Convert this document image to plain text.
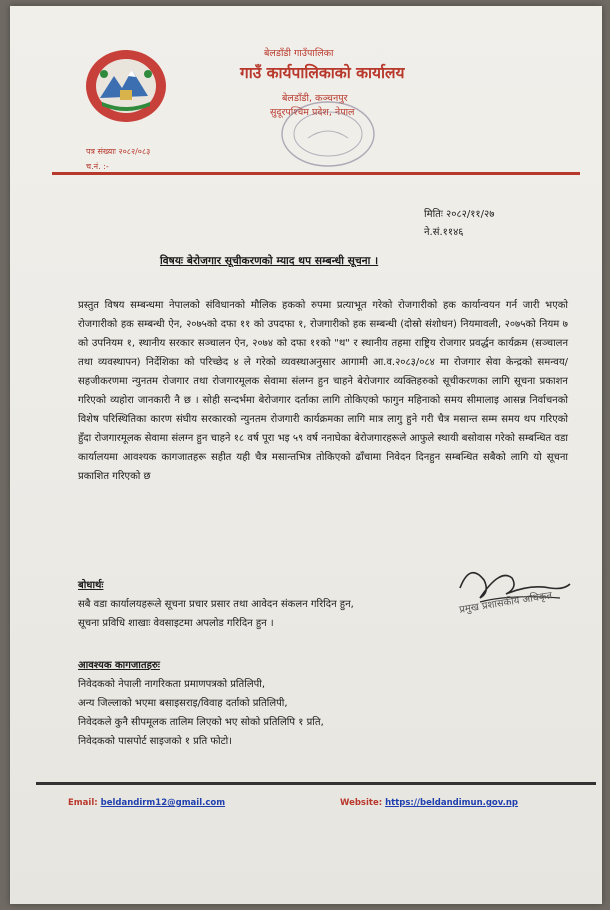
बेलडाँडी गाउँपालिका
गाउँ कार्यपालिकाको कार्यालय
बेलडाँडी, कञ्चनपुर
सुदूरपश्चिम प्रदेश, नेपाल
पत्र संख्याः २०८२/०८३
च.नं. :-
मितिः २०८२/११/२७
ने.सं.११४६
विषयः बेरोजगार सूचीकरणको म्याद थप सम्बन्धी सूचना ।
प्रस्तुत विषय सम्बन्धमा नेपालको संविधानको मौलिक हकको रुपमा प्रत्याभूत गरेको रोजगारीको हक कार्यान्वयन गर्न जारी भएको रोजगारीको हक सम्बन्धी ऐन, २०७५को दफा ११ को उपदफा १, रोजगारीको हक सम्बन्धी (दोस्रो संशोधन) नियमावली, २०७५को नियम ७ को उपनियम १, स्थानीय सरकार सञ्चालन ऐन, २०७४ को दफा ११को "थ" र स्थानीय तहमा राष्ट्रिय रोजगार प्रवर्द्धन कार्यक्रम (सञ्चालन तथा व्यवस्थापन) निर्देशिका को परिच्छेद ४ ले गरेको व्यवस्थाअनुसार आगामी आ.व.२०८३/०८४ मा रोजगार सेवा केन्द्रको समन्वय/सहजीकरणमा न्युनतम रोजगार तथा रोजगारमूलक सेवामा संलग्न हुन चाहने बेरोजगार व्यक्तिहरुको सूचीकरणका लागि सूचना प्रकाशन गरिएको व्यहोरा जानकारी नै छ । सोही सन्दर्भमा बेरोजगार दर्ताका लागि तोकिएको फागुन महिनाको समय सीमालाइ आसन्न निर्वाचनको विशेष परिस्थितिका कारण संघीय सरकारको न्युनतम रोजगारी कार्यक्रमका लागि मात्र लागु हुने गरी चैत्र मसान्त सम्म समय थप गरिएको हुँदा रोजगारमूलक सेवामा संलग्न हुन चाहने १८ वर्ष पूरा भइ ५९ वर्ष ननाघेका बेरोजगारहरूले आफुले स्थायी बसोवास गरेको सम्बन्धित वडा कार्यालयमा आवश्यक कागजातहरू सहीत यही चैत्र मसान्तभित्र तोकिएको ढाँचामा निवेदन दिनहुन सम्बन्धित सबैको लागि यो सूचना प्रकाशित गरिएको छ
बोधार्थः
सबै वडा कार्यालयहरूले सूचना प्रचार प्रसार तथा आवेदन संकलन गरिदिन हुन,
सूचना प्रविधि शाखाः वेवसाइटमा अपलोड गरिदिन हुन ।
आवश्यक कागजातहरुः
निवेदकको नेपाली नागरिकता प्रमाणपत्रको प्रतिलिपी,
अन्य जिल्लाको भएमा बसाइसराइ/विवाह दर्ताको प्रतिलिपी,
निवेदकले कुनै सीपमूलक तालिम लिएको भए सोको प्रतिलिपि १ प्रति,
निवेदकको पासपोर्ट साइजको १ प्रति फोटो।
प्रमुख प्रशासकीय अधिकृत
Email: beldandirm12@gmail.com	Website: https://beldandimun.gov.np
